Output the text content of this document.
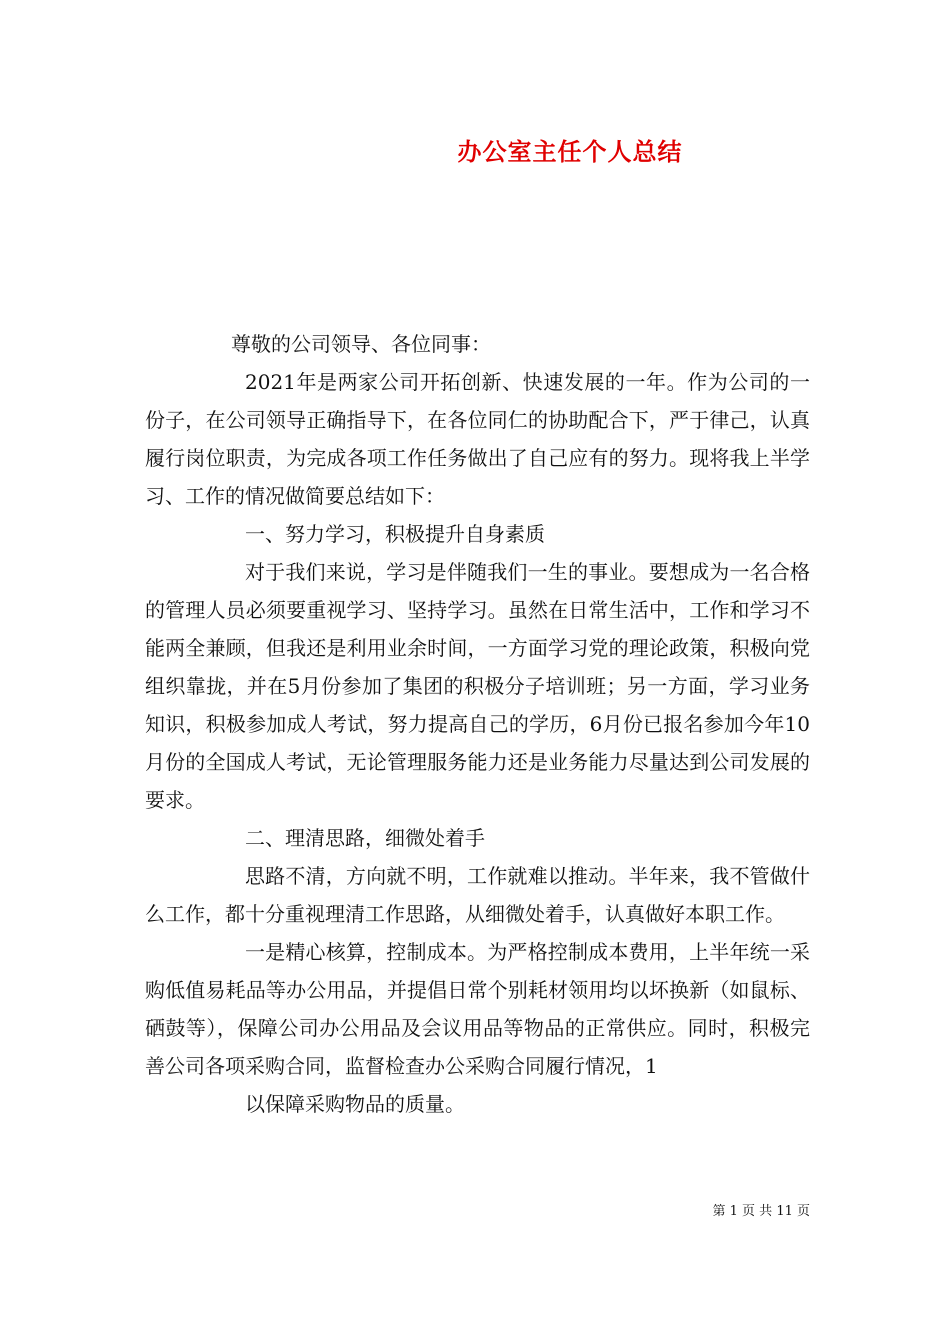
办公室主任个人总结

尊敬的公司领导、各位同事：

2021年是两家公司开拓创新、快速发展的一年。作为公司的一份子，在公司领导正确指导下，在各位同仁的协助配合下，严于律己，认真履行岗位职责，为完成各项工作任务做出了自己应有的努力。现将我上半学习、工作的情况做简要总结如下：

一、努力学习，积极提升自身素质

对于我们来说，学习是伴随我们一生的事业。要想成为一名合格的管理人员必须要重视学习、坚持学习。虽然在日常生活中，工作和学习不能两全兼顾，但我还是利用业余时间，一方面学习党的理论政策，积极向党组织靠拢，并在5月份参加了集团的积极分子培训班；另一方面，学习业务知识，积极参加成人考试，努力提高自己的学历，6月份已报名参加今年10月份的全国成人考试，无论管理服务能力还是业务能力尽量达到公司发展的要求。

二、理清思路，细微处着手

思路不清，方向就不明，工作就难以推动。半年来，我不管做什么工作，都十分重视理清工作思路，从细微处着手，认真做好本职工作。

一是精心核算，控制成本。为严格控制成本费用，上半年统一采购低值易耗品等办公用品，并提倡日常个别耗材领用均以坏换新（如鼠标、硒鼓等），保障公司办公用品及会议用品等物品的正常供应。同时，积极完善公司各项采购合同，监督检查办公采购合同履行情况，1

以保障采购物品的质量。

第 1 页 共 11 页
